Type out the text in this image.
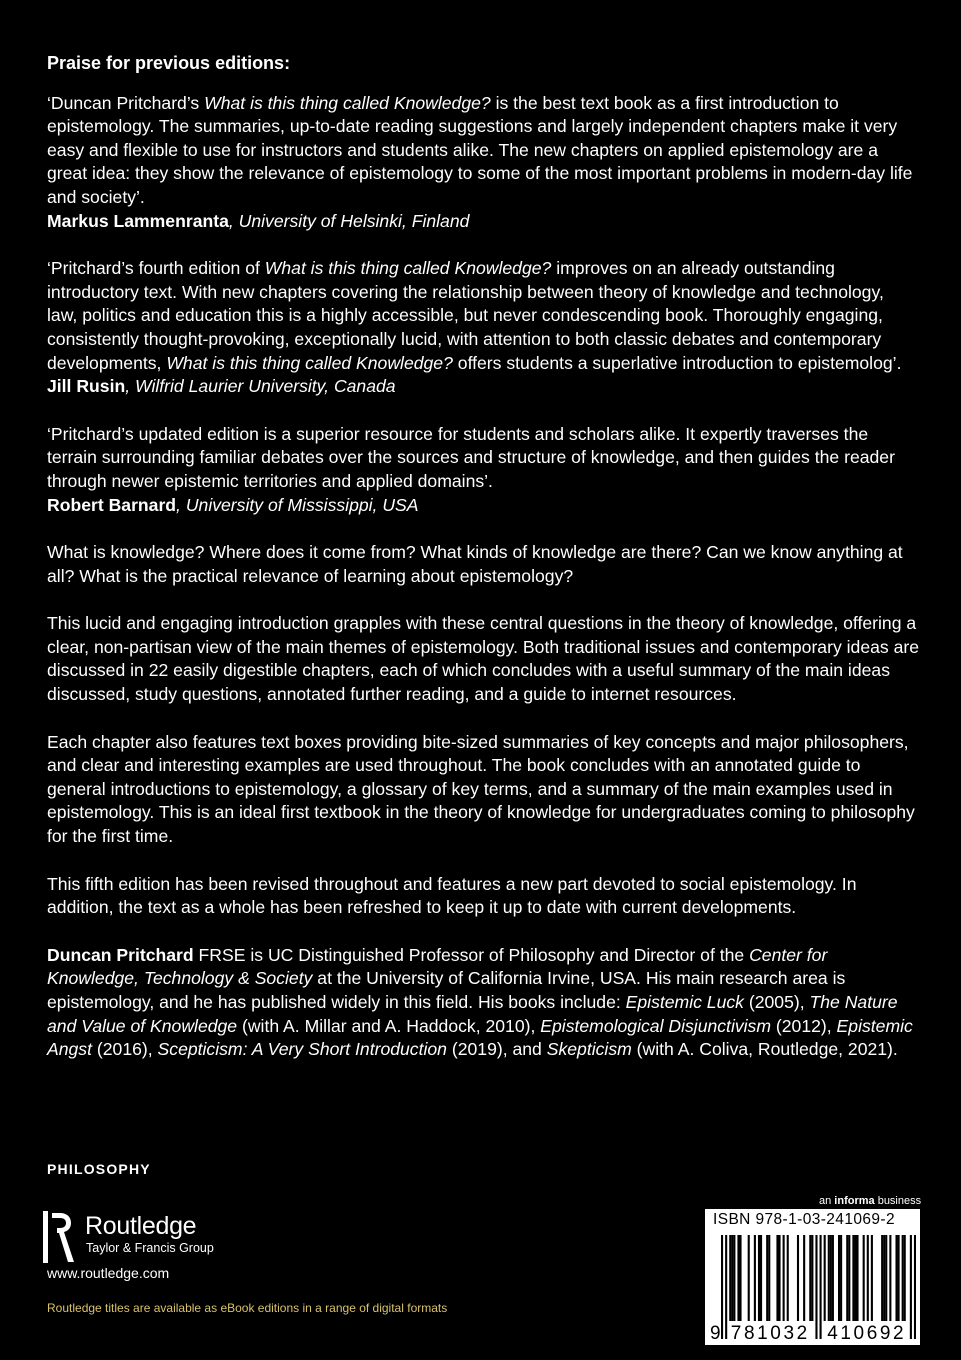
Praise for previous editions:

‘Duncan Pritchard’s What is this thing called Knowledge? is the best text book as a first introduction to epistemology. The summaries, up-to-date reading suggestions and largely independent chapters make it very easy and flexible to use for instructors and students alike. The new chapters on applied epistemology are a great idea: they show the relevance of epistemology to some of the most important problems in modern-day life and society’.

Markus Lammenranta, University of Helsinki, Finland

‘Pritchard’s fourth edition of What is this thing called Knowledge? improves on an already outstanding introductory text. With new chapters covering the relationship between theory of knowledge and technology, law, politics and education this is a highly accessible, but never condescending book. Thoroughly engaging, consistently thought-provoking, exceptionally lucid, with attention to both classic debates and contemporary developments, What is this thing called Knowledge? offers students a superlative introduction to epistemolog’.

Jill Rusin, Wilfrid Laurier University, Canada

‘Pritchard’s updated edition is a superior resource for students and scholars alike. It expertly traverses the terrain surrounding familiar debates over the sources and structure of knowledge, and then guides the reader through newer epistemic territories and applied domains’.

Robert Barnard, University of Mississippi, USA

What is knowledge? Where does it come from? What kinds of knowledge are there? Can we know anything at all? What is the practical relevance of learning about epistemology?

This lucid and engaging introduction grapples with these central questions in the theory of knowledge, offering a clear, non-partisan view of the main themes of epistemology. Both traditional issues and contemporary ideas are discussed in 22 easily digestible chapters, each of which concludes with a useful summary of the main ideas discussed, study questions, annotated further reading, and a guide to internet resources.

Each chapter also features text boxes providing bite-sized summaries of key concepts and major philosophers, and clear and interesting examples are used throughout. The book concludes with an annotated guide to general introductions to epistemology, a glossary of key terms, and a summary of the main examples used in epistemology. This is an ideal first textbook in the theory of knowledge for undergraduates coming to philosophy for the first time.

This fifth edition has been revised throughout and features a new part devoted to social epistemology. In addition, the text as a whole has been refreshed to keep it up to date with current developments.

Duncan Pritchard FRSE is UC Distinguished Professor of Philosophy and Director of the Center for Knowledge, Technology & Society at the University of California Irvine, USA. His main research area is epistemology, and he has published widely in this field. His books include: Epistemic Luck (2005), The Nature and Value of Knowledge (with A. Millar and A. Haddock, 2010), Epistemological Disjunctivism (2012), Epistemic Angst (2016), Scepticism: A Very Short Introduction (2019), and Skepticism (with A. Coliva, Routledge, 2021).

PHILOSOPHY
Routledge
Taylor & Francis Group
www.routledge.com
Routledge titles are available as eBook editions in a range of digital formats
an informa business
ISBN 978-1-03-241069-2
9 781032 410692
